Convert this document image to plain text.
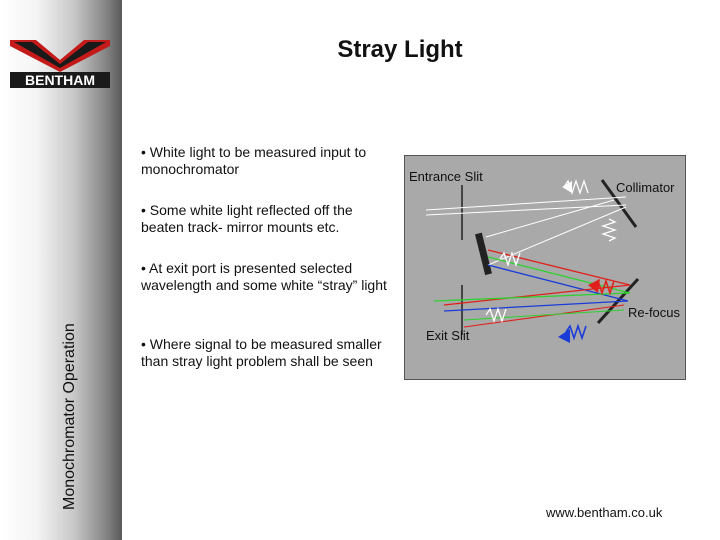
BENTHAM
Monochromator Operation
Stray Light
• White light to be measured input to monochromator
• Some white light reflected off the beaten track- mirror mounts etc.
• At exit port is presented selected wavelength and some white “stray” light
• Where signal to be measured smaller than stray light problem shall be seen
Entrance Slit
Collimator
Re-focus
Exit Slit
www.bentham.co.uk
